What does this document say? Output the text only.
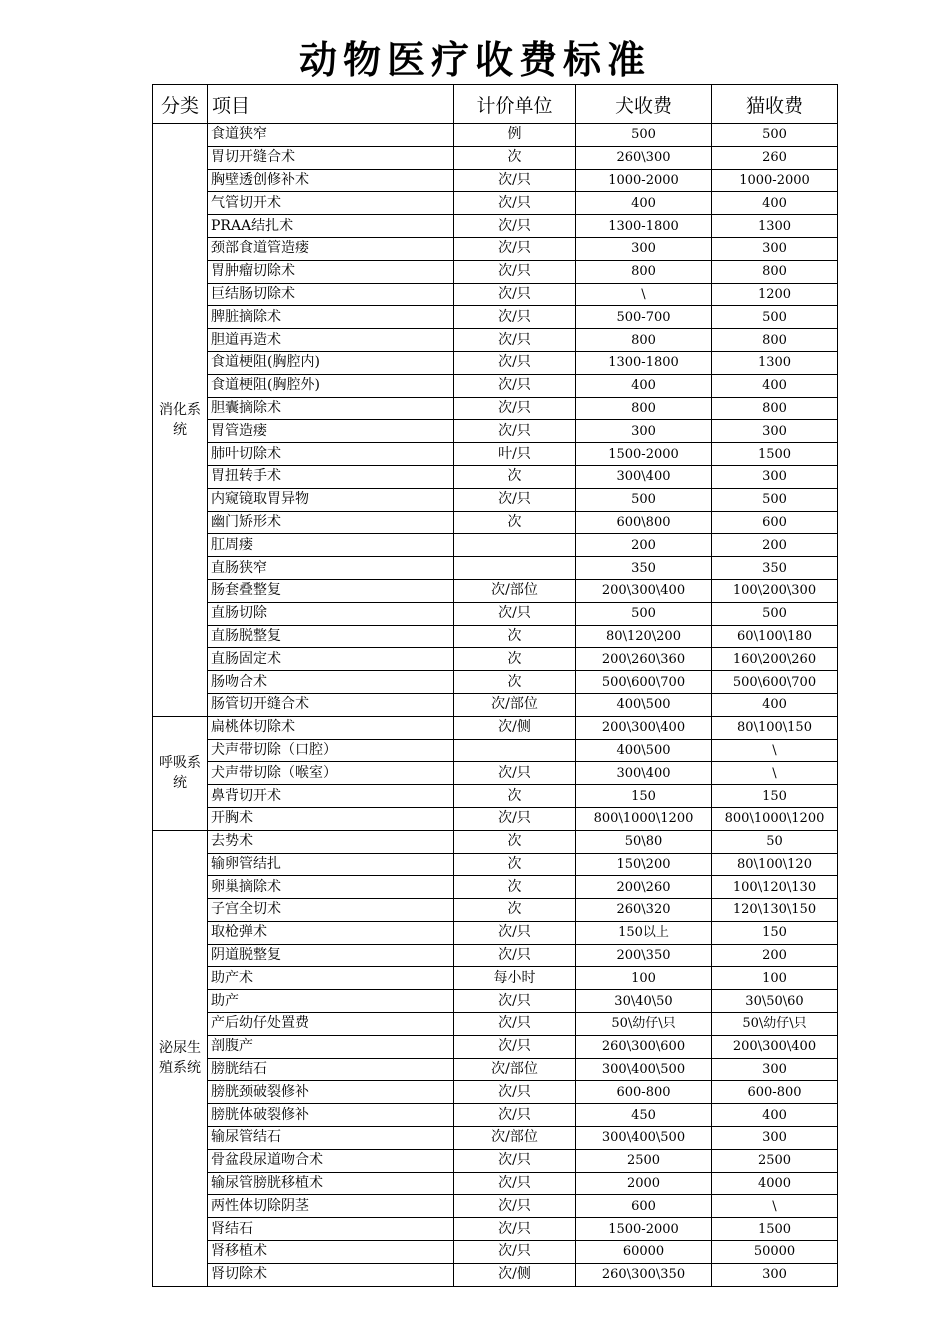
动物医疗收费标准
分类	项目	计价单位	犬收费	猫收费
消化系统	食道狭窄	例	500	500
	胃切开缝合术	次	260\300	260
	胸壁透创修补术	次/只	1000-2000	1000-2000
	气管切开术	次/只	400	400
	PRAA结扎术	次/只	1300-1800	1300
	颈部食道管造瘘	次/只	300	300
	胃肿瘤切除术	次/只	800	800
	巨结肠切除术	次/只	\	1200
	脾脏摘除术	次/只	500-700	500
	胆道再造术	次/只	800	800
	食道梗阻(胸腔内)	次/只	1300-1800	1300
	食道梗阻(胸腔外)	次/只	400	400
	胆囊摘除术	次/只	800	800
	胃管造瘘	次/只	300	300
	肺叶切除术	叶/只	1500-2000	1500
	胃扭转手术	次	300\400	300
	内窥镜取胃异物	次/只	500	500
	幽门矫形术	次	600\800	600
	肛周瘘		200	200
	直肠狭窄		350	350
	肠套叠整复	次/部位	200\300\400	100\200\300
	直肠切除	次/只	500	500
	直肠脱整复	次	80\120\200	60\100\180
	直肠固定术	次	200\260\360	160\200\260
	肠吻合术	次	500\600\700	500\600\700
	肠管切开缝合术	次/部位	400\500	400
呼吸系统	扁桃体切除术	次/侧	200\300\400	80\100\150
	犬声带切除（口腔）		400\500	\
	犬声带切除（喉室）	次/只	300\400	\
	鼻背切开术	次	150	150
	开胸术	次/只	800\1000\1200	800\1000\1200
泌尿生殖系统	去势术	次	50\80	50
	输卵管结扎	次	150\200	80\100\120
	卵巢摘除术	次	200\260	100\120\130
	子宫全切术	次	260\320	120\130\150
	取枪弹术	次/只	150以上	150
	阴道脱整复	次/只	200\350	200
	助产术	每小时	100	100
	助产	次/只	30\40\50	30\50\60
	产后幼仔处置费	次/只	50\幼仔\只	50\幼仔\只
	剖腹产	次/只	260\300\600	200\300\400
	膀胱结石	次/部位	300\400\500	300
	膀胱颈破裂修补	次/只	600-800	600-800
	膀胱体破裂修补	次/只	450	400
	输尿管结石	次/部位	300\400\500	300
	骨盆段尿道吻合术	次/只	2500	2500
	输尿管膀胱移植术	次/只	2000	4000
	两性体切除阴茎	次/只	600	\
	肾结石	次/只	1500-2000	1500
	肾移植术	次/只	60000	50000
	肾切除术	次/侧	260\300\350	300
